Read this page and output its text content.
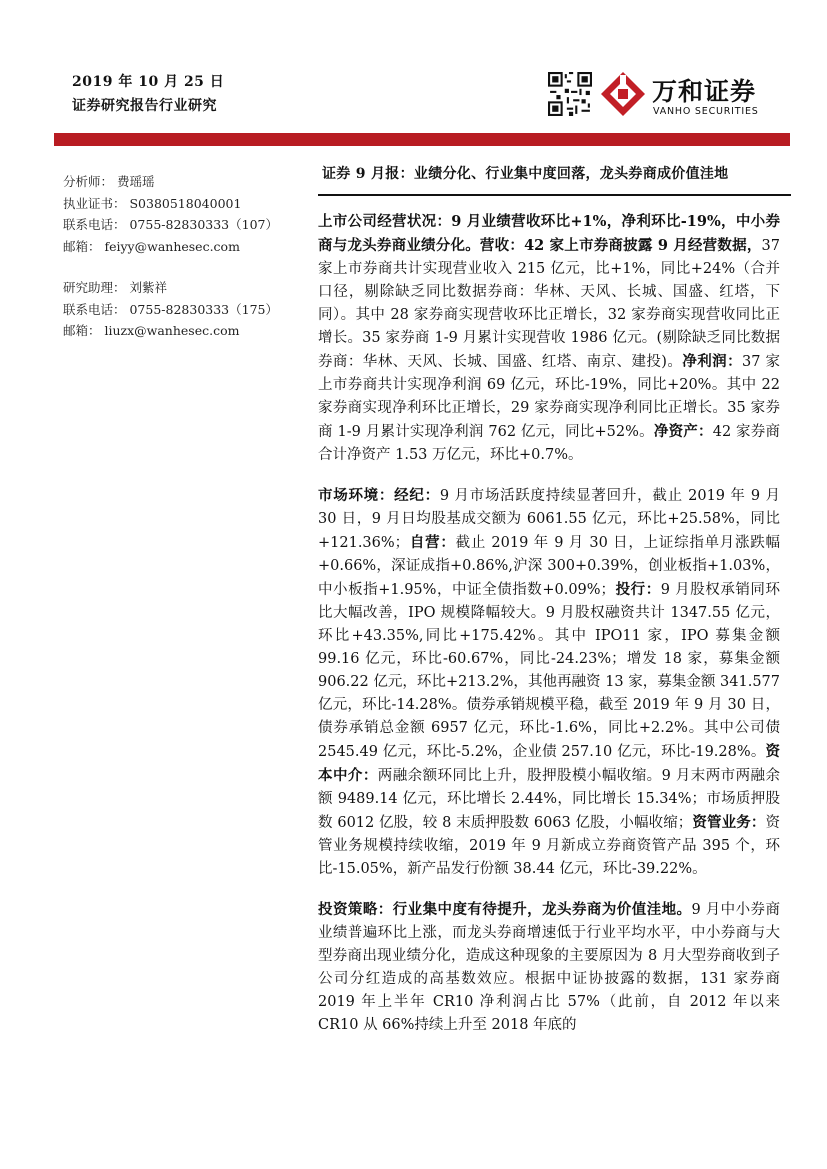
2019 年 10 月 25 日
证券研究报告行业研究	万和证券
VANHO SECURITIES
分析师： 费瑶瑶
执业证书： S0380518040001
联系电话： 0755-82830333（107）
邮箱： feiyy@wanhesec.com
研究助理： 刘紫祥
联系电话： 0755-82830333（175）
邮箱： liuzx@wanhesec.com
证券 9 月报：业绩分化、行业集中度回落，龙头券商成价值洼地

上市公司经营状况：9 月业绩营收环比+1%，净利环比-19%，中小券商与龙头券商业绩分化。营收：42 家上市券商披露 9 月经营数据，37 家上市券商共计实现营业收入 215 亿元，比+1%，同比+24%（合并口径，剔除缺乏同比数据券商：华林、天风、长城、国盛、红塔，下同）。其中 28 家券商实现营收环比正增长，32 家券商实现营收同比正增长。35 家券商 1-9 月累计实现营收 1986 亿元。(剔除缺乏同比数据券商：华林、天风、长城、国盛、红塔、南京、建投)。净利润：37 家上市券商共计实现净利润 69 亿元，环比-19%，同比+20%。其中 22 家券商实现净利环比正增长，29 家券商实现净利同比正增长。35 家券商 1-9 月累计实现净利润 762 亿元，同比+52%。净资产：42 家券商合计净资产 1.53 万亿元，环比+0.7%。

市场环境：经纪：9 月市场活跃度持续显著回升，截止 2019 年 9 月 30 日，9 月日均股基成交额为 6061.55 亿元，环比+25.58%，同比+121.36%；自营：截止 2019 年 9 月 30 日，上证综指单月涨跌幅+0.66%，深证成指+0.86%,沪深 300+0.39%，创业板指+1.03%，中小板指+1.95%，中证全债指数+0.09%；投行：9 月股权承销同环比大幅改善，IPO 规模降幅较大。9 月股权融资共计 1347.55 亿元，环比+43.35%,同比+175.42%。其中 IPO11 家，IPO 募集金额 99.16 亿元，环比-60.67%，同比-24.23%；增发 18 家，募集金额 906.22 亿元，环比+213.2%，其他再融资 13 家，募集金额 341.577 亿元，环比-14.28%。债券承销规模平稳，截至 2019 年 9 月 30 日，债券承销总金额 6957 亿元，环比-1.6%，同比+2.2%。其中公司债 2545.49 亿元，环比-5.2%，企业债 257.10 亿元，环比-19.28%。资本中介：两融余额环同比上升，股押股模小幅收缩。9 月末两市两融余额 9489.14 亿元，环比增长 2.44%，同比增长 15.34%；市场质押股数 6012 亿股，较 8 末质押股数 6063 亿股，小幅收缩；资管业务：资管业务规模持续收缩，2019 年 9 月新成立券商资管产品 395 个，环比-15.05%，新产品发行份额 38.44 亿元，环比-39.22%。

投资策略：行业集中度有待提升，龙头券商为价值洼地。9 月中小券商业绩普遍环比上涨，而龙头券商增速低于行业平均水平，中小券商与大型券商出现业绩分化，造成这种现象的主要原因为 8 月大型券商收到子公司分红造成的高基数效应。根据中证协披露的数据，131 家券商 2019 年上半年 CR10 净利润占比 57%（此前，自 2012 年以来 CR10 从 66%持续上升至 2018 年底的
